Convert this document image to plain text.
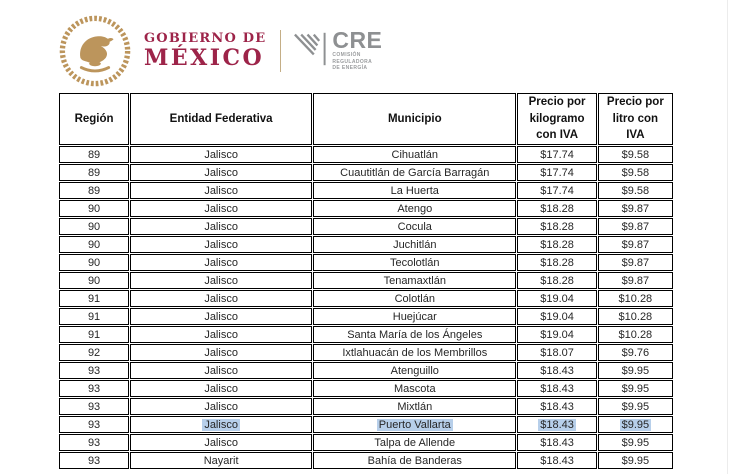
GOBIERNO DE
MÉXICO
CRE
COMISIÓN
REGULADORA
DE ENERGÍA
Región	Entidad Federativa	Municipio	Precio por kilogramo con IVA	Precio por litro con IVA
89	Jalisco	Cihuatlán	$17.74	$9.58
89	Jalisco	Cuautitlán de García Barragán	$17.74	$9.58
89	Jalisco	La Huerta	$17.74	$9.58
90	Jalisco	Atengo	$18.28	$9.87
90	Jalisco	Cocula	$18.28	$9.87
90	Jalisco	Juchitlán	$18.28	$9.87
90	Jalisco	Tecolotlán	$18.28	$9.87
90	Jalisco	Tenamaxtlán	$18.28	$9.87
91	Jalisco	Colotlán	$19.04	$10.28
91	Jalisco	Huejúcar	$19.04	$10.28
91	Jalisco	Santa María de los Ángeles	$19.04	$10.28
92	Jalisco	Ixtlahuacán de los Membrillos	$18.07	$9.76
93	Jalisco	Atenguillo	$18.43	$9.95
93	Jalisco	Mascota	$18.43	$9.95
93	Jalisco	Mixtlán	$18.43	$9.95
93	Jalisco	Puerto Vallarta	$18.43	$9.95
93	Jalisco	Talpa de Allende	$18.43	$9.95
93	Nayarit	Bahía de Banderas	$18.43	$9.95
